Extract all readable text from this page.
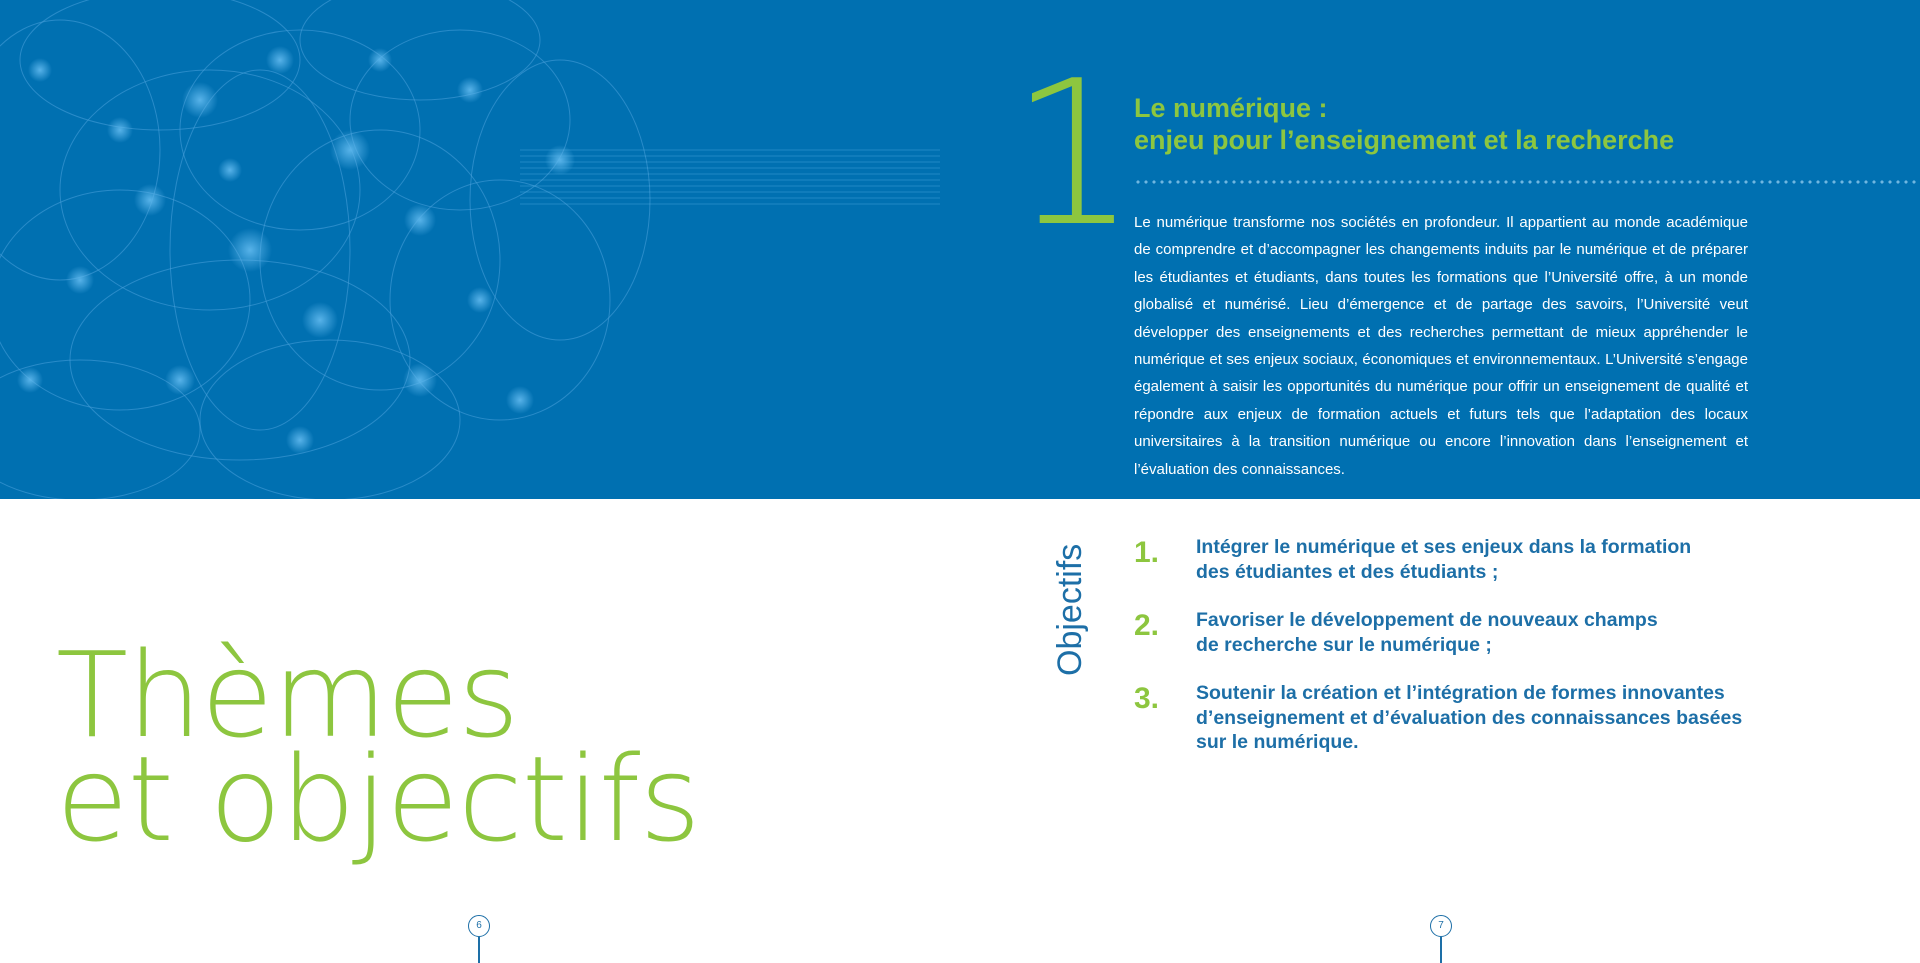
1 Le numérique :
enjeu pour l’enseignement et la recherche

Le numérique transforme nos sociétés en profondeur. Il appartient au monde académique de comprendre et d’accompagner les changements induits par le numérique et de préparer les étudiantes et étudiants, dans toutes les formations que l’Université offre, à un monde globalisé et numérisé. Lieu d’émergence et de partage des savoirs, l’Université veut développer des enseignements et des recherches permettant de mieux appréhender le numérique et ses enjeux sociaux, économiques et environnementaux. L’Université s’engage également à saisir les opportunités du numérique pour offrir un enseignement de qualité et répondre aux enjeux de formation actuels et futurs tels que l’adaptation des locaux universitaires à la transition numérique ou encore l’innovation dans l’enseignement et l’évaluation des connaissances.

Objectifs 1. Intégrer le numérique et ses enjeux dans la formation
des étudiantes et des étudiants ;
2. Favoriser le développement de nouveaux champs
de recherche sur le numérique ;
3. Soutenir la création et l’intégration de formes innovantes
d’enseignement et d’évaluation des connaissances basées
sur le numérique.
Thèmes
et objectifs
6	7
